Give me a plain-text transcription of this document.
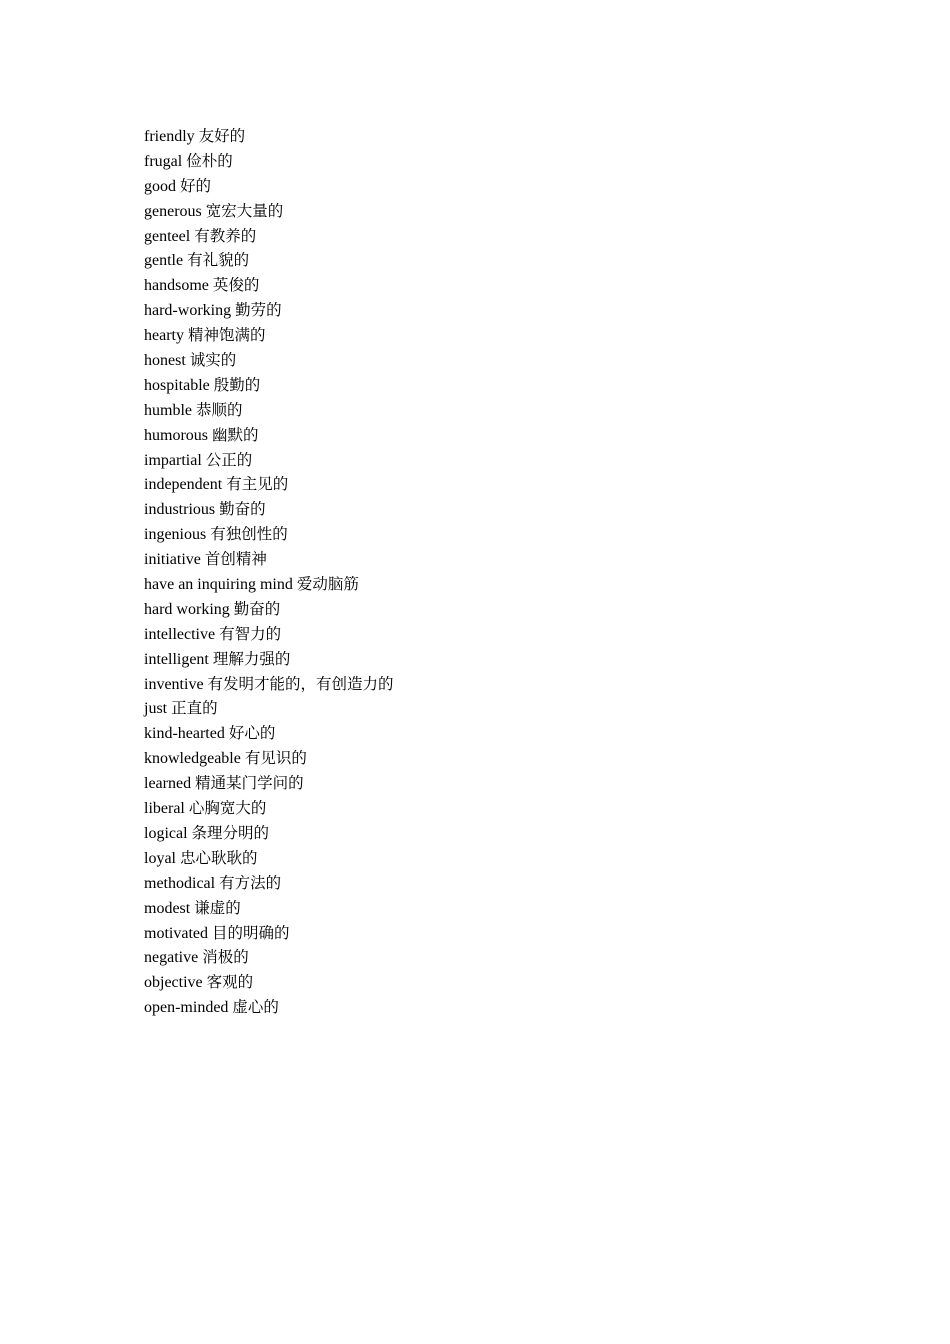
friendly 友好的
frugal 俭朴的
good 好的
generous 宽宏大量的
genteel 有教养的
gentle 有礼貌的
handsome 英俊的
hard-working 勤劳的
hearty 精神饱满的
honest 诚实的
hospitable 殷勤的
humble 恭顺的
humorous 幽默的
impartial 公正的
independent 有主见的
industrious 勤奋的
ingenious 有独创性的
initiative 首创精神
have an inquiring mind 爱动脑筋
hard working 勤奋的
intellective 有智力的
intelligent 理解力强的
inventive 有发明才能的，有创造力的
just 正直的
kind-hearted 好心的
knowledgeable 有见识的
learned 精通某门学问的
liberal 心胸宽大的
logical 条理分明的
loyal 忠心耿耿的
methodical 有方法的
modest 谦虚的
motivated 目的明确的
negative 消极的
objective 客观的
open-minded 虚心的
